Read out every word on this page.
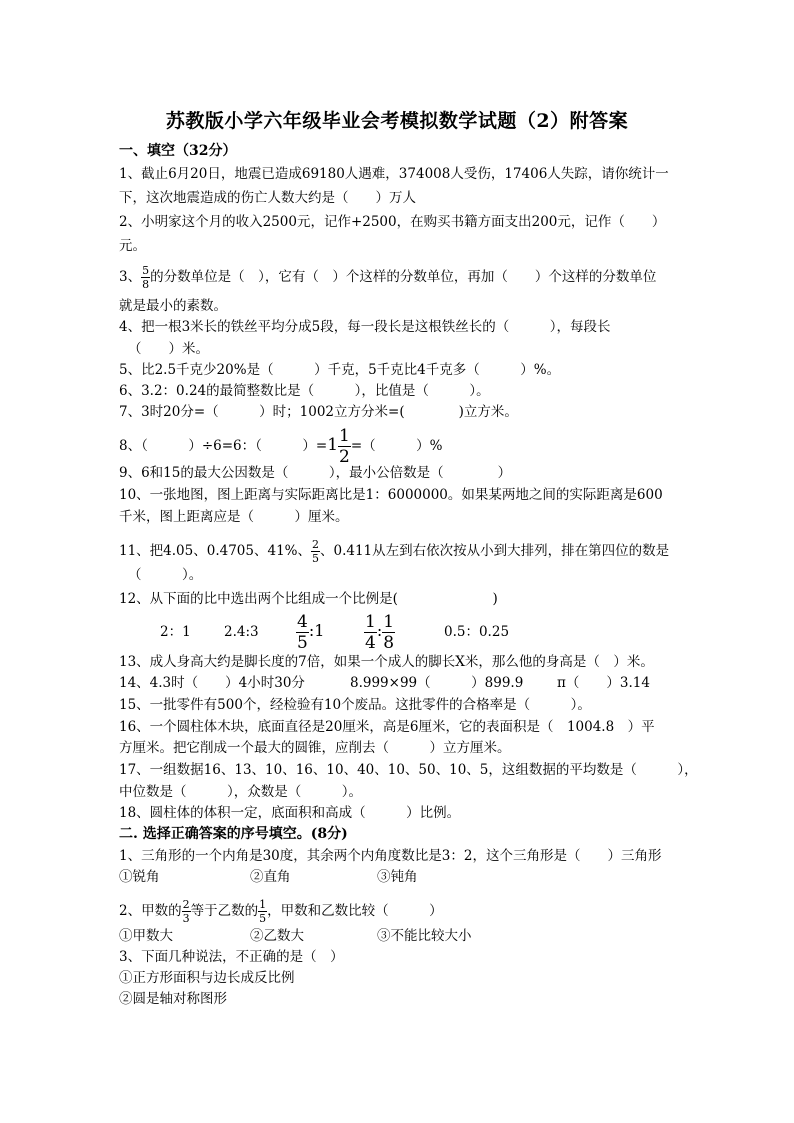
苏教版小学六年级毕业会考模拟数学试题（2）附答案
一、填空（32分）
1、截止6月20日，地震已造成69180人遇难，374008人受伤，17406人失踪，请你统计一
下，这次地震造成的伤亡人数大约是（　　）万人
2、小明家这个月的收入2500元，记作+2500，在购买书籍方面支出200元，记作（　　）
元。
3、 $\frac{5}{8}$ 的分数单位是（　），它有（　）个这样的分数单位，再加（　　）个这样的分数单位
就是最小的素数。
4、把一根3米长的铁丝平均分成5段，每一段长是这根铁丝长的（　　　），每段长
（　　）米。
5、比2.5千克少20%是（　　　）千克，5千克比4千克多（　　　）%。
6、3.2：0.24的最简整数比是（　　　），比值是（　　　）。
7、3时20分=（　　　）时；1002立方分米=(　　　　)立方米。
8、（　　　）÷6=6：（　　　）$=1 \frac{1}{2}$ =（　　　）%
9、6和15的最大公因数是（　　　），最小公倍数是（　　　　）
10、一张地图，图上距离与实际距离比是1：6000000。如果某两地之间的实际距离是600
千米，图上距离应是（　　　）厘米。
11、把4.05、0.4705、41%、 $\frac{2}{5}$ 、0.411从左到右依次按从小到大排列，排在第四位的数是
（　　　）。
12、从下面的比中选出两个比组成一个比例是(　　　　　　　)
2：1 2.4:3 $\frac{4}{5}$ :1 $\frac{1}{4}$ : $\frac{1}{8}$	0.5：0.25
13、成人身高大约是脚长度的7倍，如果一个成人的脚长X米，那么他的身高是（　）米。
14、4.3时（　　）4小时30分	8.999×99（　　　）899.9 π（　　）3.14
15、一批零件有500个，经检验有10个废品。这批零件的合格率是（　　　）。
16、一个圆柱体木块，底面直径是20厘米，高是6厘米，它的表面积是（　1004.8　）平
方厘米。把它削成一个最大的圆锥，应削去（　　　）立方厘米。
17、一组数据16、13、10、16、10、40、10、50、10、5，这组数据的平均数是（　　　），
中位数是（　　　），众数是（　　　）。
18、圆柱体的体积一定，底面积和高成（　　　）比例。
二. 选择正确答案的序号填空。(8分)
1、三角形的一个内角是30度，其余两个内角度数比是3：2，这个三角形是（　　）三角形
①锐角	②直角	③钝角
2、甲数的 $\frac{2}{3}$ 等于乙数的 $\frac{1}{5}$ ，甲数和乙数比较（　　　）
①甲数大	②乙数大	③不能比较大小
3、下面几种说法，不正确的是（　）
①正方形面积与边长成反比例
②圆是轴对称图形
